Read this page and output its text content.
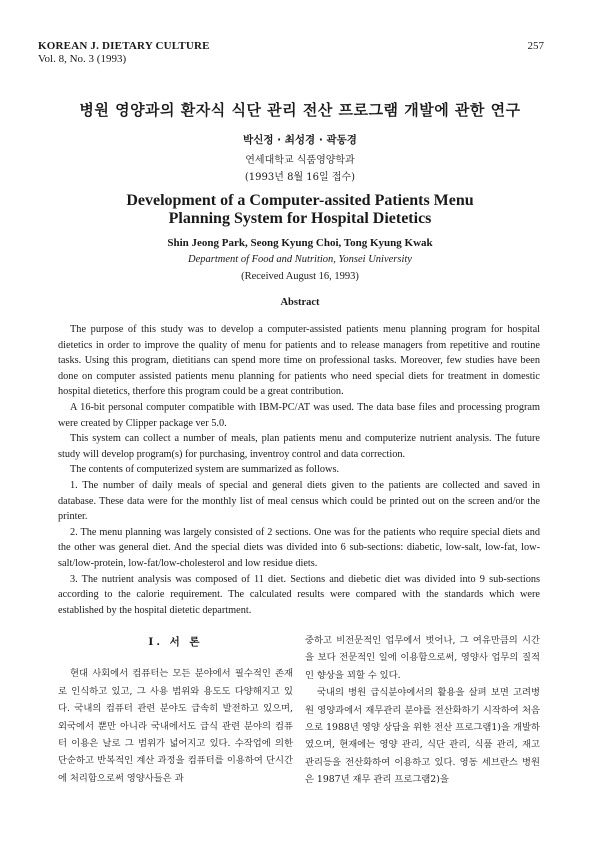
KOREAN J. DIETARY CULTURE
Vol. 8, No. 3 (1993)
257
병원 영양과의 환자식 식단 관리 전산 프로그램 개발에 관한 연구
박신정 · 최성경 · 곽동경
연세대학교 식품영양학과
(1993년 8월 16일 접수)
Development of a Computer-assited Patients Menu
Planning System for Hospital Dietetics
Shin Jeong Park, Seong Kyung Choi, Tong Kyung Kwak
Department of Food and Nutrition, Yonsei University
(Received August 16, 1993)
Abstract

The purpose of this study was to develop a computer-assisted patients menu planning program for hospital dietetics in order to improve the quality of menu for patients and to release managers from repetitive and routine tasks. Using this program, dietitians can spend more time on professional tasks. Moreover, few studies have been done on computer assisted patients menu planning for patients who need special diets for treatment in domestic hospital dietetics, therfore this program could be a great contribution.

A 16-bit personal computer compatible with IBM-PC/AT was used. The data base files and processing program were created by Clipper package ver 5.0.

This system can collect a number of meals, plan patients menu and computerize nutrient analysis. The future study will develop program(s) for purchasing, inventroy control and data correction.

The contents of computerized system are summarized as follows.

1. The number of daily meals of special and general diets given to the patients are collected and saved in database. These data were for the monthly list of meal census which could be printed out on the screen and/or the printer.

2. The menu planning was largely consisted of 2 sections. One was for the patients who require special diets and the other was general diet. And the special diets was divided into 6 sub-sections: diabetic, low-salt, low-fat, low-salt/low-protein, low-fat/low-cholesterol and low residue diets.

3. The nutrient analysis was composed of 11 diet. Sections and diebetic diet was divided into 9 sub-sections according to the calorie requirement. The calculated results were compared with the standards which were established by the hospital dietetic department.

I. 서 론

현대 사회에서 컴퓨터는 모든 분야에서 필수적인 존재로 인식하고 있고, 그 사용 범위와 용도도 다양해지고 있다. 국내의 컴퓨터 관련 분야도 급속히 발전하고 있으며, 외국에서 뿐만 아니라 국내에서도 급식 관련 분야의 컴퓨터 이용은 날로 그 범위가 넓어지고 있다. 수작업에 의한 단순하고 반복적인 계산 과정을 컴퓨터를 이용하여 단시간에 처리함으로써 영양사들은 과

중하고 비전문적인 업무에서 벗어나, 그 여유만큼의 시간을 보다 전문적인 일에 이용함으로써, 영양사 업무의 질적인 향상을 꾀할 수 있다.

국내의 병원 급식분야에서의 활용을 살펴 보면 고려병원 영양과에서 재무관리 분야를 전산화하기 시작하여 처음으로 1988년 영양 상담을 위한 전산 프로그램1)을 개발하였으며, 현재에는 영양 관리, 식단 관리, 식품 관리, 재고 관리등을 전산화하여 이용하고 있다. 영동 세브란스 병원은 1987년 재무 관리 프로그램2)을
